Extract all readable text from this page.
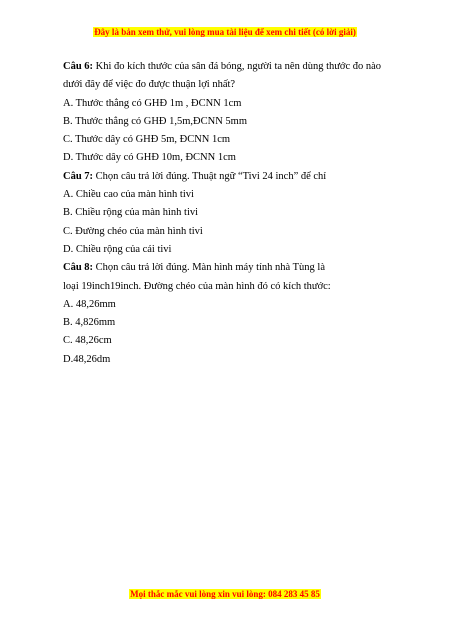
Đây là bản xem thử, vui lòng mua tài liệu để xem chi tiết (có lời giải)

Câu 6: Khi đo kích thước của sân đá bóng, người ta nên dùng thước đo nào

dưới đây để việc đo được thuận lợi nhất?

A. Thước thẳng có GHĐ 1m , ĐCNN 1cm

B. Thước thẳng có GHĐ 1,5m,ĐCNN 5mm

C. Thước dây có GHĐ 5m, ĐCNN 1cm

D. Thước dây có GHĐ 10m, ĐCNN 1cm

Câu 7: Chọn câu trả lời đúng. Thuật ngữ “Tivi 24 inch” để chỉ

A. Chiều cao của màn hình tivi

B. Chiều rộng của màn hình tivi

C. Đường chéo của màn hình tivi

D. Chiều rộng của cái tivi

Câu 8: Chọn câu trả lời đúng. Màn hình máy tính nhà Tùng là

loại 19inch19inch. Đường chéo của màn hình đó có kích thước:

A. 48,26mm

B. 4,826mm

C. 48,26cm

D.48,26dm

Mọi thắc mắc vui lòng xin vui lòng: 084 283 45 85
